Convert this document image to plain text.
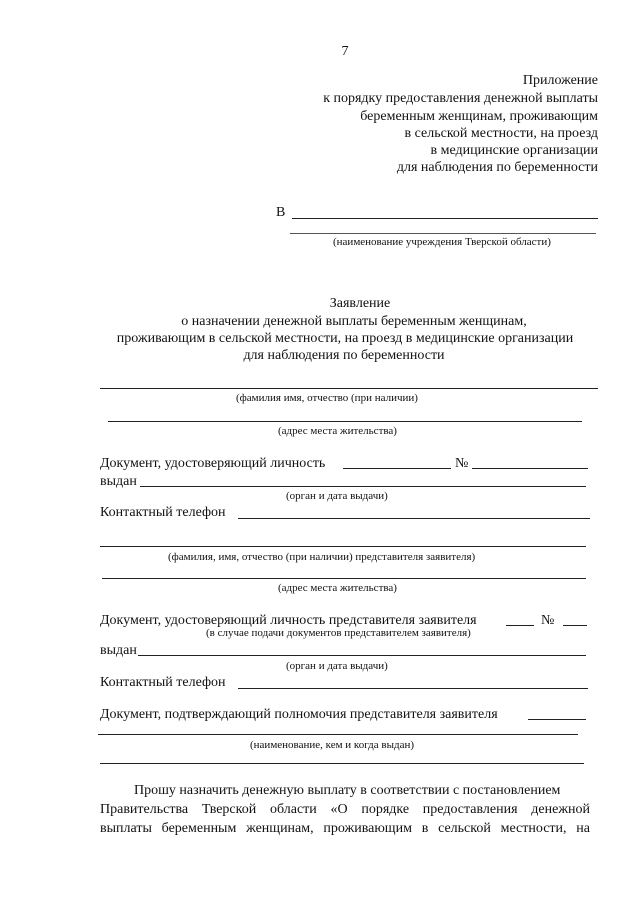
7
Приложение
к порядку предоставления денежной выплаты
беременным женщинам, проживающим
в сельской местности, на проезд
в медицинские организации
для наблюдения по беременности
В
(наименование учреждения Тверской области)
Заявление
о назначении денежной выплаты беременным женщинам,
проживающим в сельской местности, на проезд в медицинские организации
для наблюдения по беременности
(фамилия имя, отчество (при наличии)
(адрес места жительства)
Документ, удостоверяющий личность	№
выдан
(орган и дата выдачи)
Контактный телефон
(фамилия, имя, отчество (при наличии) представителя заявителя)
(адрес места жительства)
Документ, удостоверяющий личность представителя заявителя	№
(в случае подачи документов представителем заявителя)
выдан
(орган и дата выдачи)
Контактный телефон
Документ, подтверждающий полномочия представителя заявителя
(наименование, кем и когда выдан)
Прошу назначить денежную выплату в соответствии с постановлением
Правительства Тверской области «О порядке предоставления денежной
выплаты беременным женщинам, проживающим в сельской местности, на
